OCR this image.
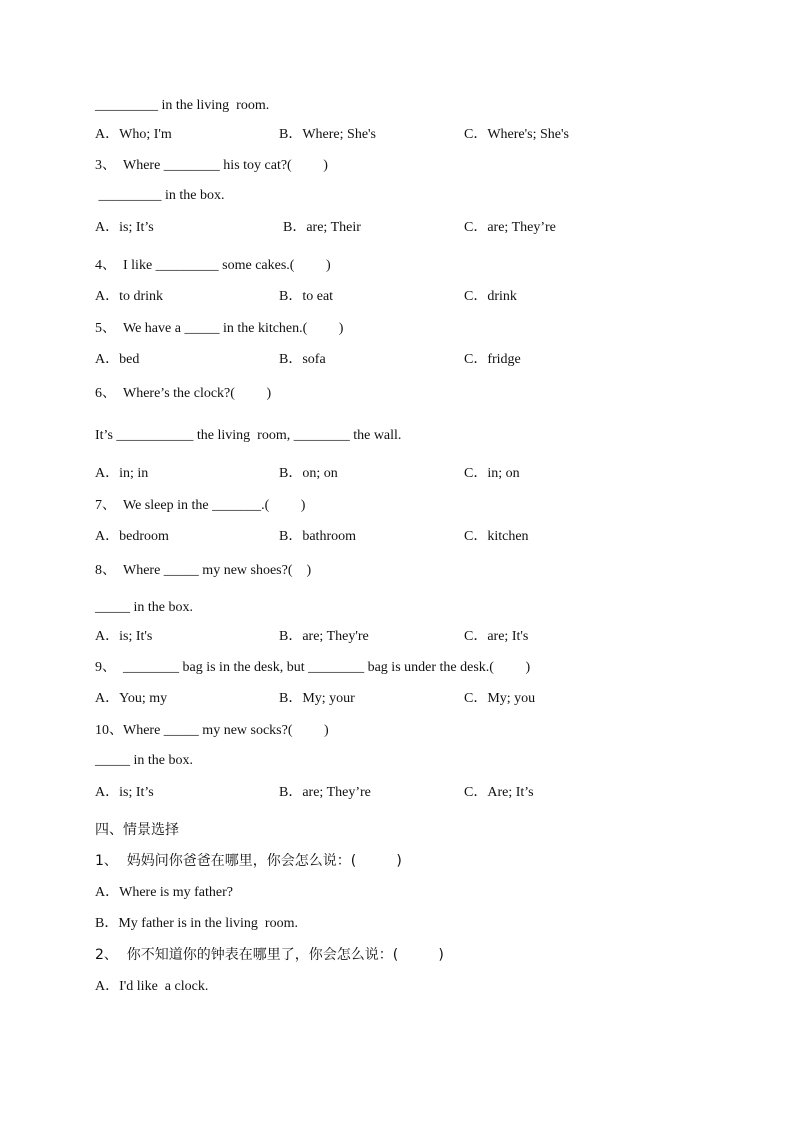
_________ in the living  room.
A．Who; I'm	B．Where; She's	C．Where's; She's
3、  Where ________ his toy cat?(         )
_________ in the box.
A．is; It’s	B．are; Their	C．are; They’re
4、  I like _________ some cakes.(         )
A．to drink	B．to eat	C．drink
5、  We have a _____ in the kitchen.(         )
A．bed	B．sofa	C．fridge
6、  Where’s the clock?(         )
It’s ___________ the living  room, ________ the wall.
A．in; in	B．on; on	C．in; on
7、  We sleep in the _______.(         )
A．bedroom	B．bathroom	C．kitchen
8、  Where _____ my new shoes?(    )
_____ in the box.
A．is; It's	B．are; They're	C．are; It's
9、  ________ bag is in the desk, but ________ bag is under the desk.(         )
A．You; my	B．My; your	C．My; you
10、Where _____ my new socks?(         )
_____ in the box.
A．is; It’s	B．are; They’re	C．Are; It’s
四、情景选择
1、  妈妈问你爸爸在哪里，你会怎么说：(         )
A．Where is my father?
B．My father is in the living  room.
2、  你不知道你的钟表在哪里了，你会怎么说：(         )
A．I'd like  a clock.
